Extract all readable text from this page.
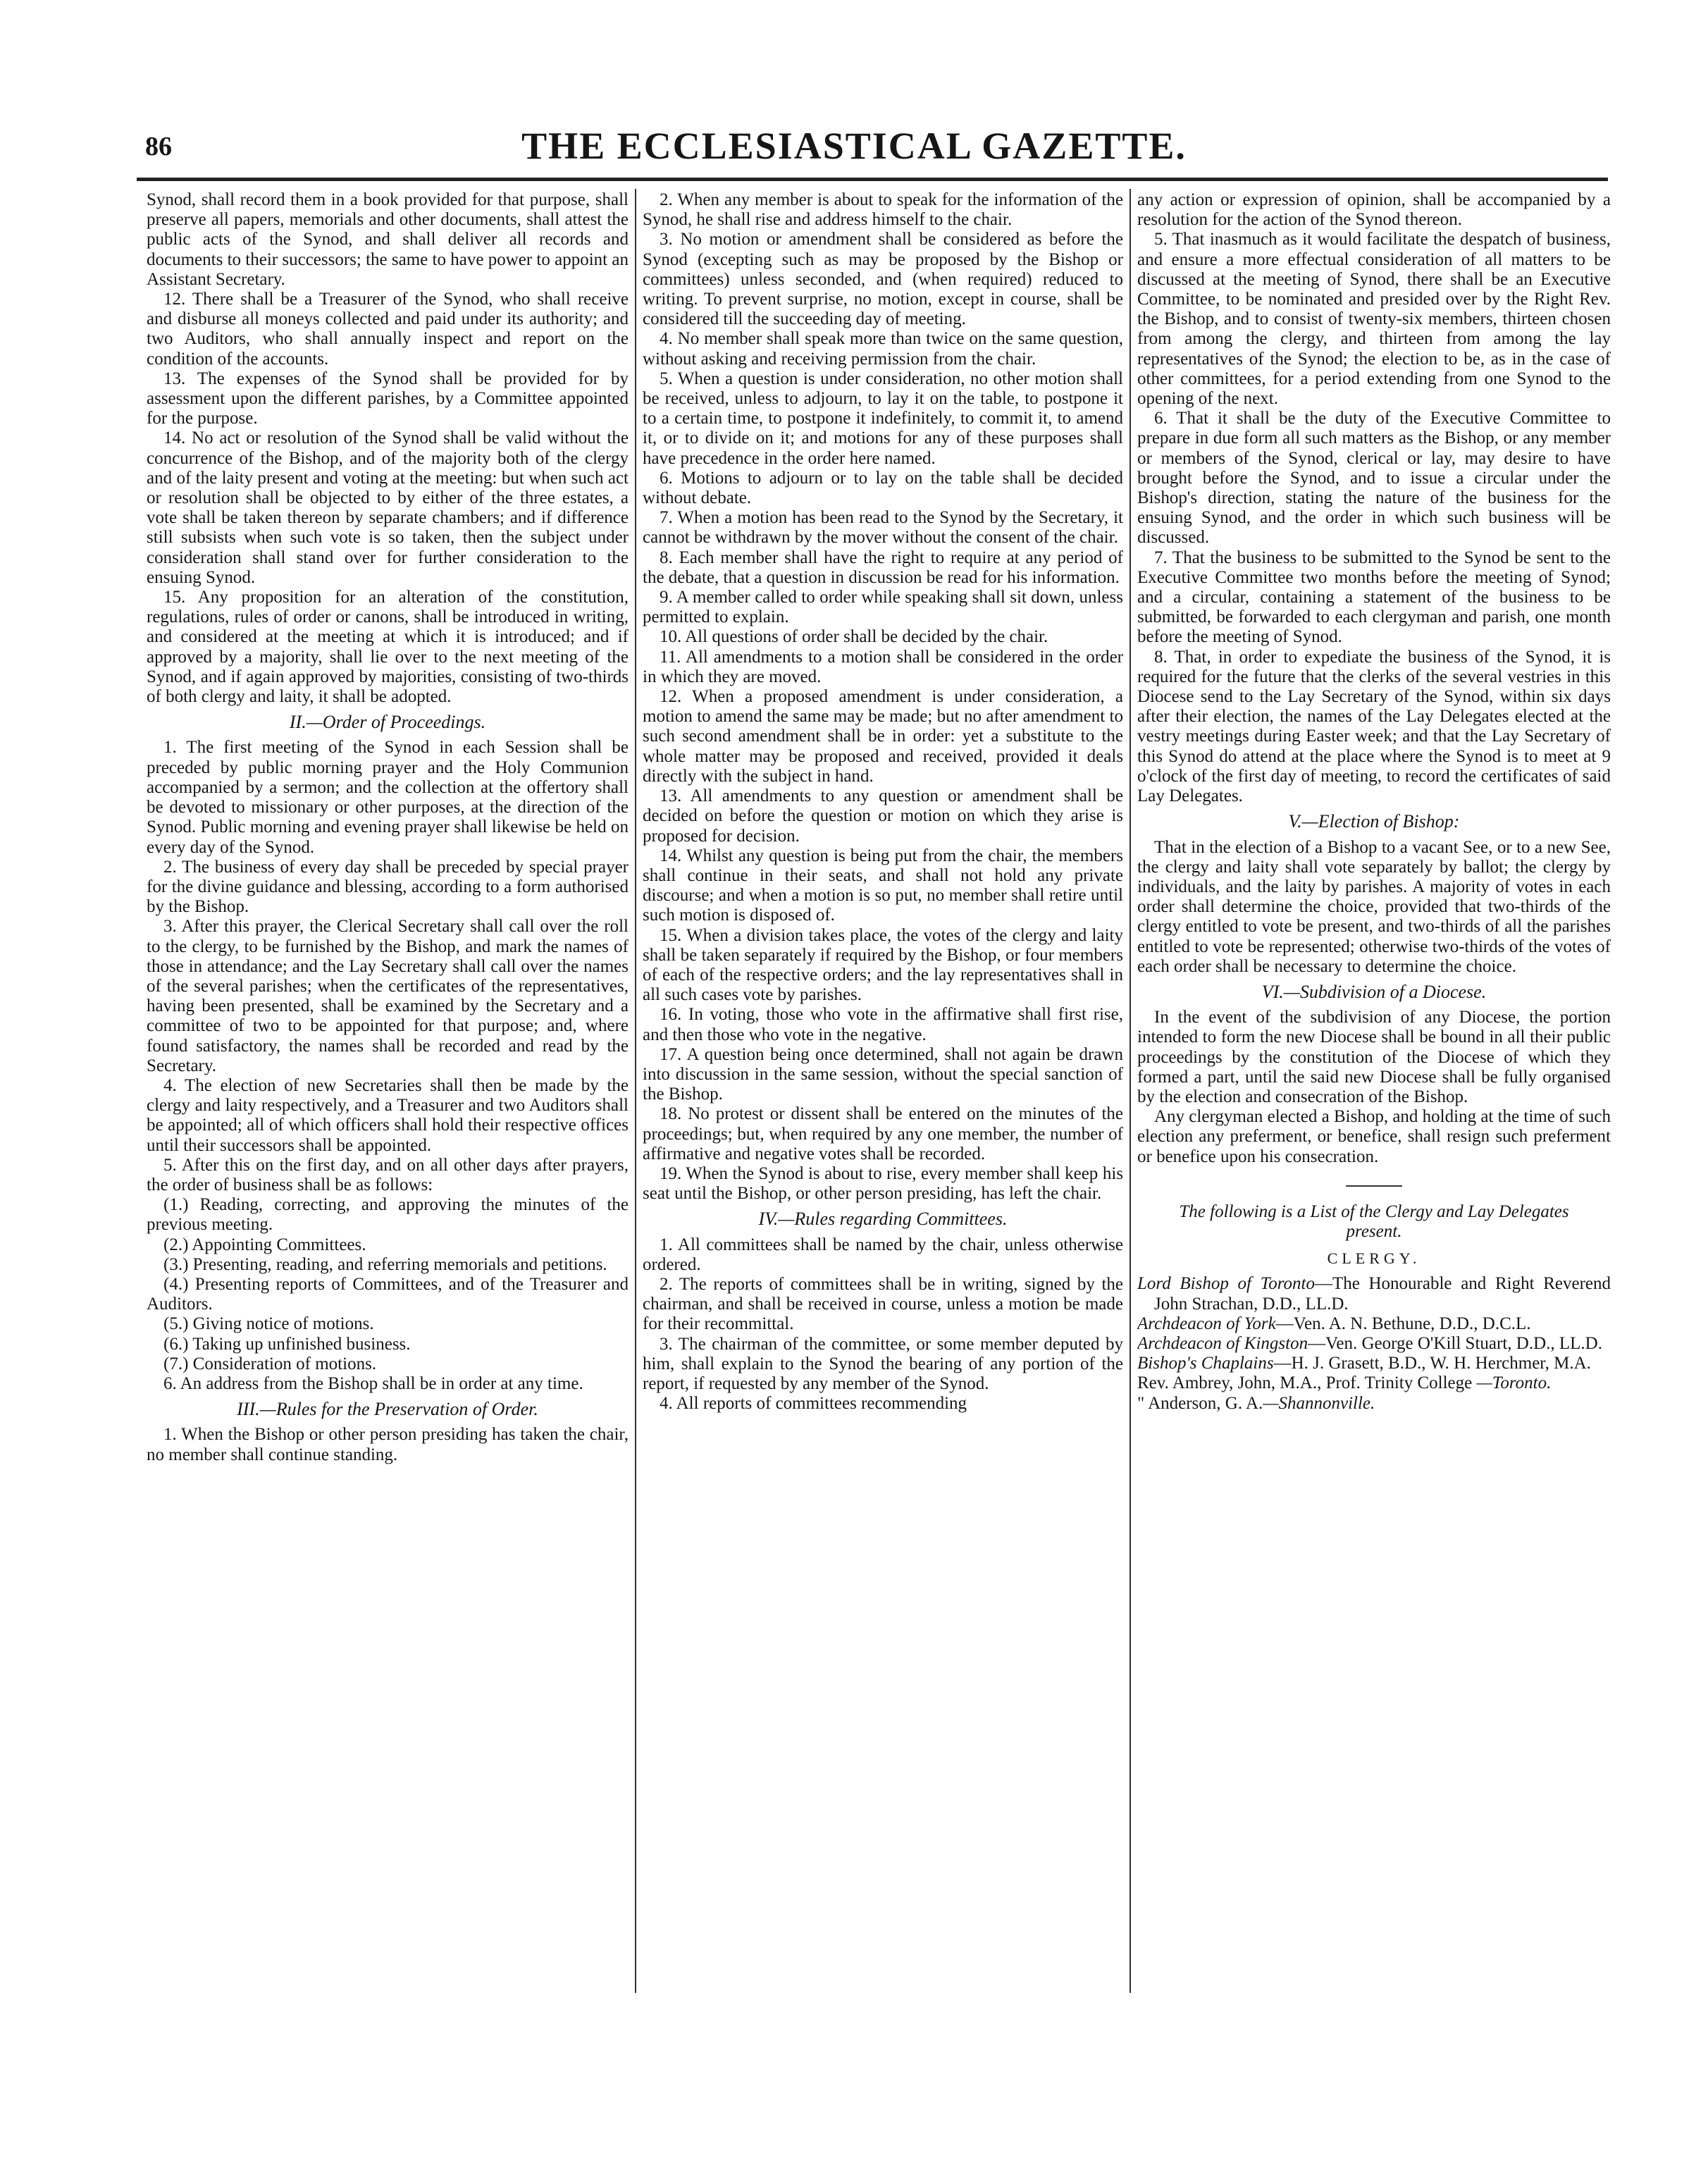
86	THE ECCLESIASTICAL GAZETTE.

Synod, shall record them in a book provided for that purpose, shall preserve all papers, memorials and other documents, shall attest the public acts of the Synod, and shall deliver all records and documents to their successors; the same to have power to appoint an Assistant Secretary.

12. There shall be a Treasurer of the Synod, who shall receive and disburse all moneys collected and paid under its authority; and two Auditors, who shall annually inspect and report on the condition of the accounts.

13. The expenses of the Synod shall be provided for by assessment upon the different parishes, by a Committee appointed for the purpose.

14. No act or resolution of the Synod shall be valid without the concurrence of the Bishop, and of the majority both of the clergy and of the laity present and voting at the meeting: but when such act or resolution shall be objected to by either of the three estates, a vote shall be taken thereon by separate chambers; and if difference still subsists when such vote is so taken, then the subject under consideration shall stand over for further consideration to the ensuing Synod.

15. Any proposition for an alteration of the constitution, regulations, rules of order or canons, shall be introduced in writing, and considered at the meeting at which it is introduced; and if approved by a majority, shall lie over to the next meeting of the Synod, and if again approved by majorities, consisting of two-thirds of both clergy and laity, it shall be adopted.

II.—Order of Proceedings.

1. The first meeting of the Synod in each Session shall be preceded by public morning prayer and the Holy Communion accompanied by a sermon; and the collection at the offertory shall be devoted to missionary or other purposes, at the direction of the Synod. Public morning and evening prayer shall likewise be held on every day of the Synod.

2. The business of every day shall be preceded by special prayer for the divine guidance and blessing, according to a form authorised by the Bishop.

3. After this prayer, the Clerical Secretary shall call over the roll to the clergy, to be furnished by the Bishop, and mark the names of those in attendance; and the Lay Secretary shall call over the names of the several parishes; when the certificates of the representatives, having been presented, shall be examined by the Secretary and a committee of two to be appointed for that purpose; and, where found satisfactory, the names shall be recorded and read by the Secretary.

4. The election of new Secretaries shall then be made by the clergy and laity respectively, and a Treasurer and two Auditors shall be appointed; all of which officers shall hold their respective offices until their successors shall be appointed.

5. After this on the first day, and on all other days after prayers, the order of business shall be as follows:

(1.) Reading, correcting, and approving the minutes of the previous meeting.

(2.) Appointing Committees.

(3.) Presenting, reading, and referring memorials and petitions.

(4.) Presenting reports of Committees, and of the Treasurer and Auditors.

(5.) Giving notice of motions.

(6.) Taking up unfinished business.

(7.) Consideration of motions.

6. An address from the Bishop shall be in order at any time.

III.—Rules for the Preservation of Order.

1. When the Bishop or other person presiding has taken the chair, no member shall continue standing.

2. When any member is about to speak for the information of the Synod, he shall rise and address himself to the chair.

3. No motion or amendment shall be considered as before the Synod (excepting such as may be proposed by the Bishop or committees) unless seconded, and (when required) reduced to writing. To prevent surprise, no motion, except in course, shall be considered till the succeeding day of meeting.

4. No member shall speak more than twice on the same question, without asking and receiving permission from the chair.

5. When a question is under consideration, no other motion shall be received, unless to adjourn, to lay it on the table, to postpone it to a certain time, to postpone it indefinitely, to commit it, to amend it, or to divide on it; and motions for any of these purposes shall have precedence in the order here named.

6. Motions to adjourn or to lay on the table shall be decided without debate.

7. When a motion has been read to the Synod by the Secretary, it cannot be withdrawn by the mover without the consent of the chair.

8. Each member shall have the right to require at any period of the debate, that a question in discussion be read for his information.

9. A member called to order while speaking shall sit down, unless permitted to explain.

10. All questions of order shall be decided by the chair.

11. All amendments to a motion shall be considered in the order in which they are moved.

12. When a proposed amendment is under consideration, a motion to amend the same may be made; but no after amendment to such second amendment shall be in order: yet a substitute to the whole matter may be proposed and received, provided it deals directly with the subject in hand.

13. All amendments to any question or amendment shall be decided on before the question or motion on which they arise is proposed for decision.

14. Whilst any question is being put from the chair, the members shall continue in their seats, and shall not hold any private discourse; and when a motion is so put, no member shall retire until such motion is disposed of.

15. When a division takes place, the votes of the clergy and laity shall be taken separately if required by the Bishop, or four members of each of the respective orders; and the lay representatives shall in all such cases vote by parishes.

16. In voting, those who vote in the affirmative shall first rise, and then those who vote in the negative.

17. A question being once determined, shall not again be drawn into discussion in the same session, without the special sanction of the Bishop.

18. No protest or dissent shall be entered on the minutes of the proceedings; but, when required by any one member, the number of affirmative and negative votes shall be recorded.

19. When the Synod is about to rise, every member shall keep his seat until the Bishop, or other person presiding, has left the chair.

IV.—Rules regarding Committees.

1. All committees shall be named by the chair, unless otherwise ordered.

2. The reports of committees shall be in writing, signed by the chairman, and shall be received in course, unless a motion be made for their recommittal.

3. The chairman of the committee, or some member deputed by him, shall explain to the Synod the bearing of any portion of the report, if requested by any member of the Synod.

4. All reports of committees recommending

any action or expression of opinion, shall be accompanied by a resolution for the action of the Synod thereon.

5. That inasmuch as it would facilitate the despatch of business, and ensure a more effectual consideration of all matters to be discussed at the meeting of Synod, there shall be an Executive Committee, to be nominated and presided over by the Right Rev. the Bishop, and to consist of twenty-six members, thirteen chosen from among the clergy, and thirteen from among the lay representatives of the Synod; the election to be, as in the case of other committees, for a period extending from one Synod to the opening of the next.

6. That it shall be the duty of the Executive Committee to prepare in due form all such matters as the Bishop, or any member or members of the Synod, clerical or lay, may desire to have brought before the Synod, and to issue a circular under the Bishop's direction, stating the nature of the business for the ensuing Synod, and the order in which such business will be discussed.

7. That the business to be submitted to the Synod be sent to the Executive Committee two months before the meeting of Synod; and a circular, containing a statement of the business to be submitted, be forwarded to each clergyman and parish, one month before the meeting of Synod.

8. That, in order to expediate the business of the Synod, it is required for the future that the clerks of the several vestries in this Diocese send to the Lay Secretary of the Synod, within six days after their election, the names of the Lay Delegates elected at the vestry meetings during Easter week; and that the Lay Secretary of this Synod do attend at the place where the Synod is to meet at 9 o'clock of the first day of meeting, to record the certificates of said Lay Delegates.

V.—Election of Bishop:

That in the election of a Bishop to a vacant See, or to a new See, the clergy and laity shall vote separately by ballot; the clergy by individuals, and the laity by parishes. A majority of votes in each order shall determine the choice, provided that two-thirds of the clergy entitled to vote be present, and two-thirds of all the parishes entitled to vote be represented; otherwise two-thirds of the votes of each order shall be necessary to determine the choice.

VI.—Subdivision of a Diocese.

In the event of the subdivision of any Diocese, the portion intended to form the new Diocese shall be bound in all their public proceedings by the constitution of the Diocese of which they formed a part, until the said new Diocese shall be fully organised by the election and consecration of the Bishop.

Any clergyman elected a Bishop, and holding at the time of such election any preferment, or benefice, shall resign such preferment or benefice upon his consecration.

The following is a List of the Clergy and Lay Delegates present.

CLERGY.

Lord Bishop of Toronto—The Honourable and Right Reverend John Strachan, D.D., LL.D.

Archdeacon of York—Ven. A. N. Bethune, D.D., D.C.L.

Archdeacon of Kingston—Ven. George O'Kill Stuart, D.D., LL.D.

Bishop's Chaplains—H. J. Grasett, B.D., W. H. Herchmer, M.A.

Rev. Ambrey, John, M.A., Prof. Trinity College —Toronto.

" Anderson, G. A.—Shannonville.
